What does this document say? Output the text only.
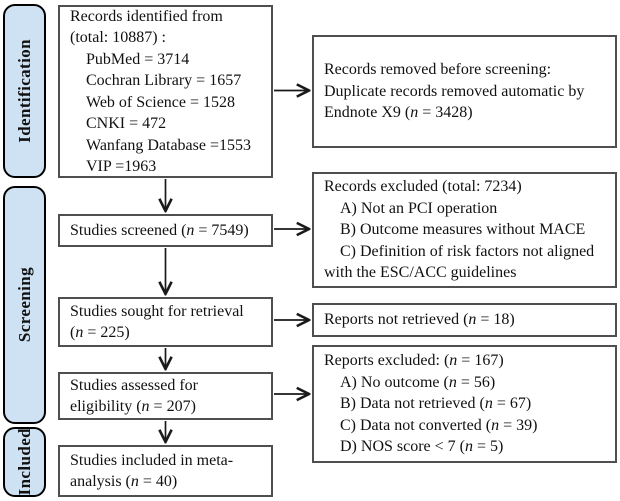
Identification
Screening
Included
Records identified from
(total: 10887) :
PubMed = 3714
Cochran Library = 1657
Web of Science = 1528
CNKI = 472
Wanfang Database =1553
VIP =1963
Studies screened (n = 7549)
Studies sought for retrieval
(n = 225)
Studies assessed for
eligibility (n = 207)
Studies included in meta-
analysis (n = 40)
Records removed before screening:
Duplicate records removed automatic by
Endnote X9 (n = 3428)
Records excluded (total: 7234)
A) Not an PCI operation
B) Outcome measures without MACE
C) Definition of risk factors not aligned
with the ESC/ACC guidelines
Reports not retrieved (n = 18)
Reports excluded: (n = 167)
A) No outcome (n = 56)
B) Data not retrieved (n = 67)
C) Data not converted (n = 39)
D) NOS score < 7 (n = 5)
